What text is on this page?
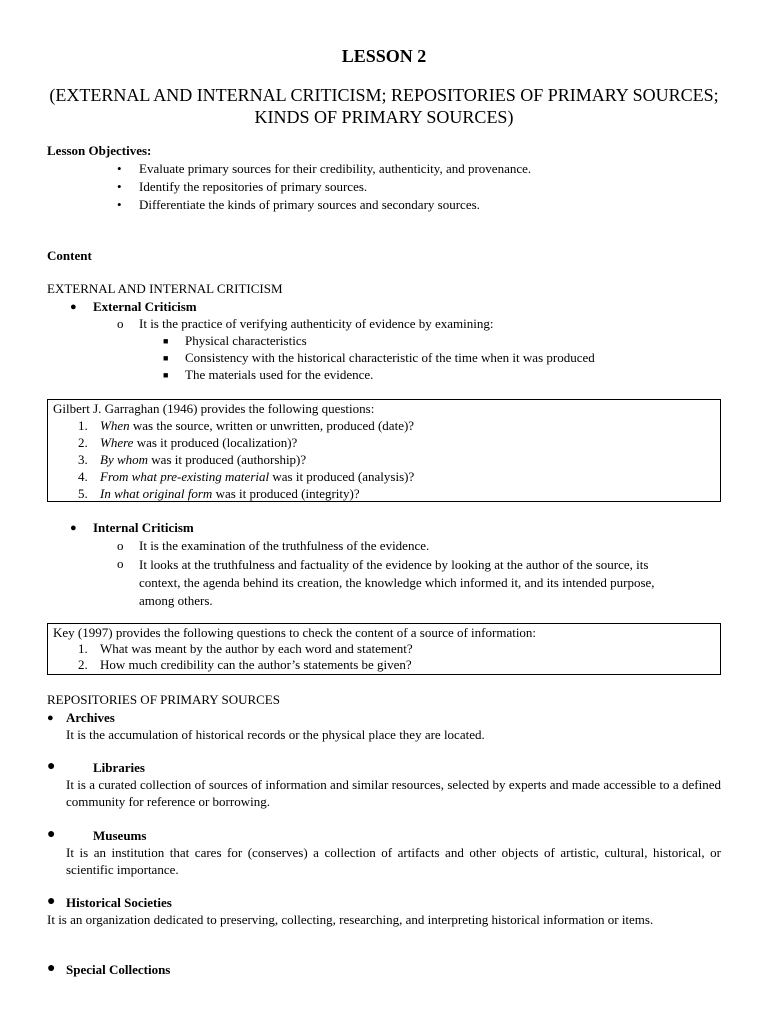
LESSON 2
(EXTERNAL AND INTERNAL CRITICISM; REPOSITORIES OF PRIMARY SOURCES; KINDS OF PRIMARY SOURCES)
Lesson Objectives:
• Evaluate primary sources for their credibility, authenticity, and provenance.
• Identify the repositories of primary sources.
• Differentiate the kinds of primary sources and secondary sources.
Content
EXTERNAL AND INTERNAL CRITICISM
● External Criticism
o It is the practice of verifying authenticity of evidence by examining:
■ Physical characteristics
■ Consistency with the historical characteristic of the time when it was produced
■ The materials used for the evidence.
Gilbert J. Garraghan (1946) provides the following questions:
1. When was the source, written or unwritten, produced (date)?
2. Where was it produced (localization)?
3. By whom was it produced (authorship)?
4. From what pre-existing material was it produced (analysis)?
5. In what original form was it produced (integrity)?
● Internal Criticism
o It is the examination of the truthfulness of the evidence.
o It looks at the truthfulness and factuality of the evidence by looking at the author of the source, its context, the agenda behind its creation, the knowledge which informed it, and its intended purpose, among others.
Key (1997) provides the following questions to check the content of a source of information:
1. What was meant by the author by each word and statement?
2. How much credibility can the author’s statements be given?
REPOSITORIES OF PRIMARY SOURCES
● Archives
It is the accumulation of historical records or the physical place they are located.
●	Libraries
It is a curated collection of sources of information and similar resources, selected by experts and made accessible to a defined community for reference or borrowing.
●	Museums
It is an institution that cares for (conserves) a collection of artifacts and other objects of artistic, cultural, historical, or scientific importance.
● Historical Societies
It is an organization dedicated to preserving, collecting, researching, and interpreting historical information or items.
● Special Collections
